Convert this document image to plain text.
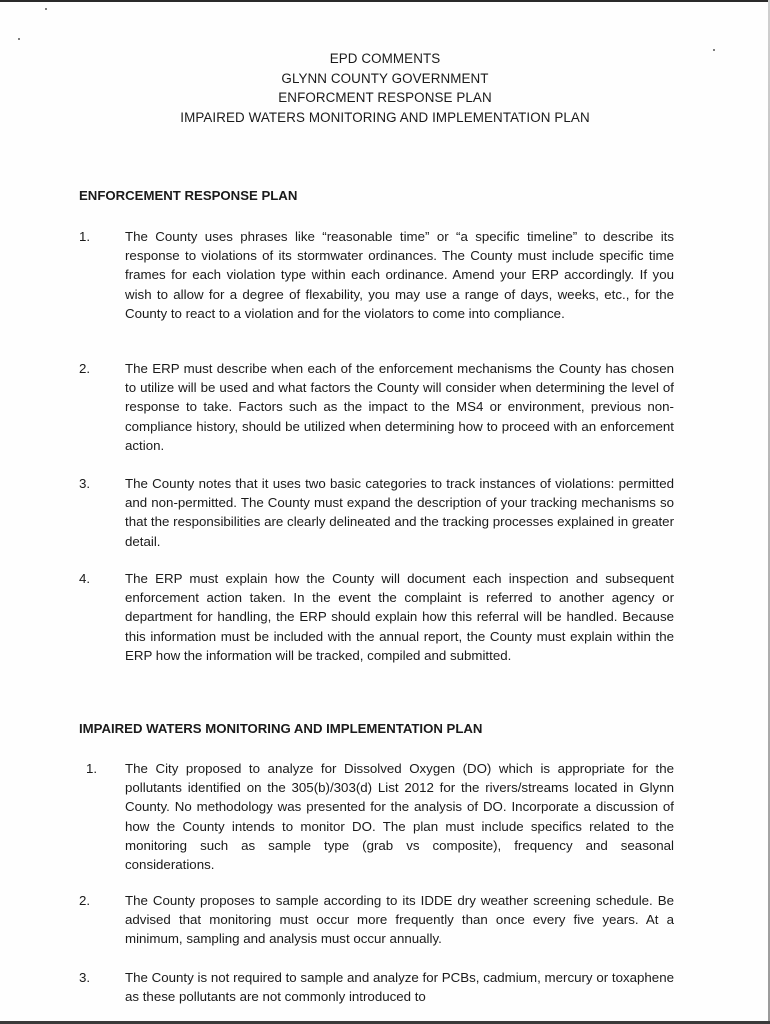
EPD COMMENTS
GLYNN COUNTY GOVERNMENT
ENFORCMENT RESPONSE PLAN
IMPAIRED WATERS MONITORING AND IMPLEMENTATION PLAN
ENFORCEMENT RESPONSE PLAN
1.	The County uses phrases like “reasonable time” or “a specific timeline” to describe its response to violations of its stormwater ordinances. The County must include specific time frames for each violation type within each ordinance. Amend your ERP accordingly. If you wish to allow for a degree of flexability, you may use a range of days, weeks, etc., for the County to react to a violation and for the violators to come into compliance.
2.	The ERP must describe when each of the enforcement mechanisms the County has chosen to utilize will be used and what factors the County will consider when determining the level of response to take. Factors such as the impact to the MS4 or environment, previous non-compliance history, should be utilized when determining how to proceed with an enforcement action.
3.	The County notes that it uses two basic categories to track instances of violations: permitted and non-permitted. The County must expand the description of your tracking mechanisms so that the responsibilities are clearly delineated and the tracking processes explained in greater detail.
4.	The ERP must explain how the County will document each inspection and subsequent enforcement action taken. In the event the complaint is referred to another agency or department for handling, the ERP should explain how this referral will be handled. Because this information must be included with the annual report, the County must explain within the ERP how the information will be tracked, compiled and submitted.
IMPAIRED WATERS MONITORING AND IMPLEMENTATION PLAN
1. The City proposed to analyze for Dissolved Oxygen (DO) which is appropriate for the pollutants identified on the 305(b)/303(d) List 2012 for the rivers/streams located in Glynn County. No methodology was presented for the analysis of DO. Incorporate a discussion of how the County intends to monitor DO. The plan must include specifics related to the monitoring such as sample type (grab vs composite), frequency and seasonal considerations.
2.	The County proposes to sample according to its IDDE dry weather screening schedule. Be advised that monitoring must occur more frequently than once every five years. At a minimum, sampling and analysis must occur annually.
3.	The County is not required to sample and analyze for PCBs, cadmium, mercury or toxaphene as these pollutants are not commonly introduced to
